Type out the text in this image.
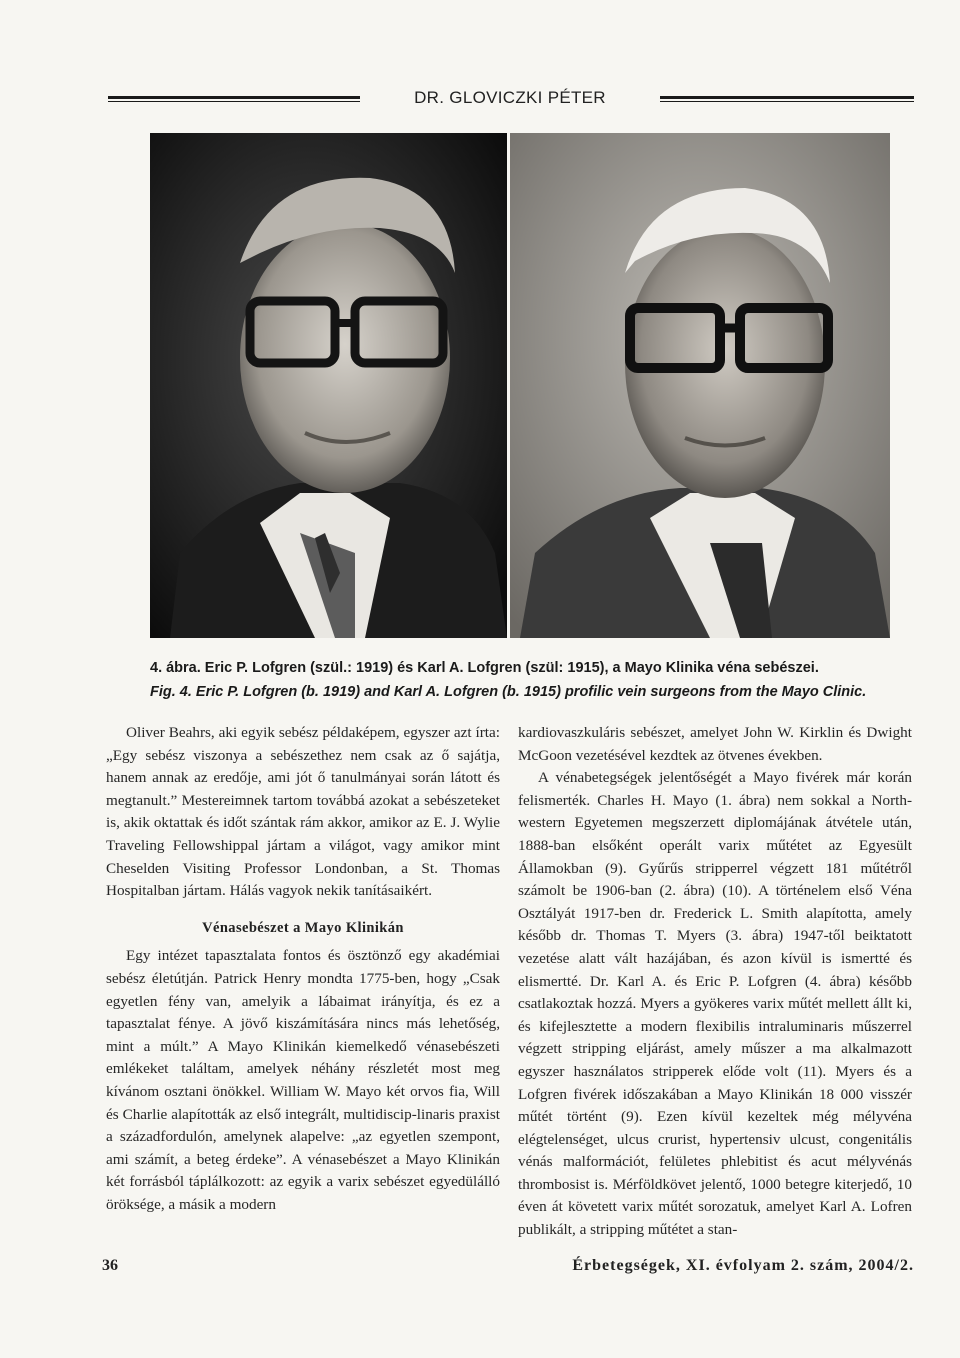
DR. GLOVICZKI PÉTER
4. ábra. Eric P. Lofgren (szül.: 1919) és Karl A. Lofgren (szül: 1915), a Mayo Klinika véna sebészei.
Fig. 4. Eric P. Lofgren (b. 1919) and Karl A. Lofgren (b. 1915) profilic vein surgeons from the Mayo Clinic.

Oliver Beahrs, aki egyik sebész példaképem, egyszer azt írta: „Egy sebész viszonya a sebészethez nem csak az ő sajátja, hanem annak az eredője, ami jót ő tanulmányai során látott és megtanult.” Mestereimnek tartom továbbá azokat a sebészeteket is, akik oktattak és időt szántak rám akkor, amikor az E. J. Wylie Traveling Fellowshippal jártam a világot, vagy amikor mint Cheselden Visiting Professor Londonban, a St. Thomas Hospitalban jártam. Hálás vagyok nekik tanításaikért.

Vénasebészet a Mayo Klinikán

Egy intézet tapasztalata fontos és ösztönző egy akadémiai sebész életútján. Patrick Henry mondta 1775-ben, hogy „Csak egyetlen fény van, amelyik a lábaimat irányítja, és ez a tapasztalat fénye. A jövő kiszámítására nincs más lehetőség, mint a múlt.” A Mayo Klinikán kiemelkedő vénasebészeti emlékeket találtam, amelyek néhány részletét most meg kívánom osztani önökkel. William W. Mayo két orvos fia, Will és Charlie alapították az első integrált, multidiscip-linaris praxist a századfordulón, amelynek alapelve: „az egyetlen szempont, ami számít, a beteg érdeke”. A vénasebészet a Mayo Klinikán két forrásból táplálkozott: az egyik a varix sebészet egyedülálló öröksége, a másik a modern

kardiovaszkuláris sebészet, amelyet John W. Kirklin és Dwight McGoon vezetésével kezdtek az ötvenes években.

A vénabetegségek jelentőségét a Mayo fivérek már korán felismerték. Charles H. Mayo (1. ábra) nem sokkal a North-western Egyetemen megszerzett diplomájának átvétele után, 1888-ban elsőként operált varix műtétet az Egyesült Államokban (9). Gyűrűs stripperrel végzett 181 műtétről számolt be 1906-ban (2. ábra) (10). A történelem első Véna Osztályát 1917-ben dr. Frederick L. Smith alapította, amely később dr. Thomas T. Myers (3. ábra) 1947-től beiktatott vezetése alatt vált hazájában, és azon kívül is ismertté és elismertté. Dr. Karl A. és Eric P. Lofgren (4. ábra) később csatlakoztak hozzá. Myers a gyökeres varix műtét mellett állt ki, és kifejlesztette a modern flexibilis intraluminaris műszerrel végzett stripping eljárást, amely műszer a ma alkalmazott egyszer használatos stripperek előde volt (11). Myers és a Lofgren fivérek időszakában a Mayo Klinikán 18 000 visszér műtét történt (9). Ezen kívül kezeltek még mélyvéna elégtelenséget, ulcus crurist, hypertensiv ulcust, congenitális vénás malformációt, felületes phlebitist és acut mélyvénás thrombosist is. Mérföldkövet jelentő, 1000 betegre kiterjedő, 10 éven át követett varix műtét sorozatuk, amelyet Karl A. Lofren publikált, a stripping műtétet a stan-

36	Érbetegségek, XI. évfolyam 2. szám, 2004/2.
